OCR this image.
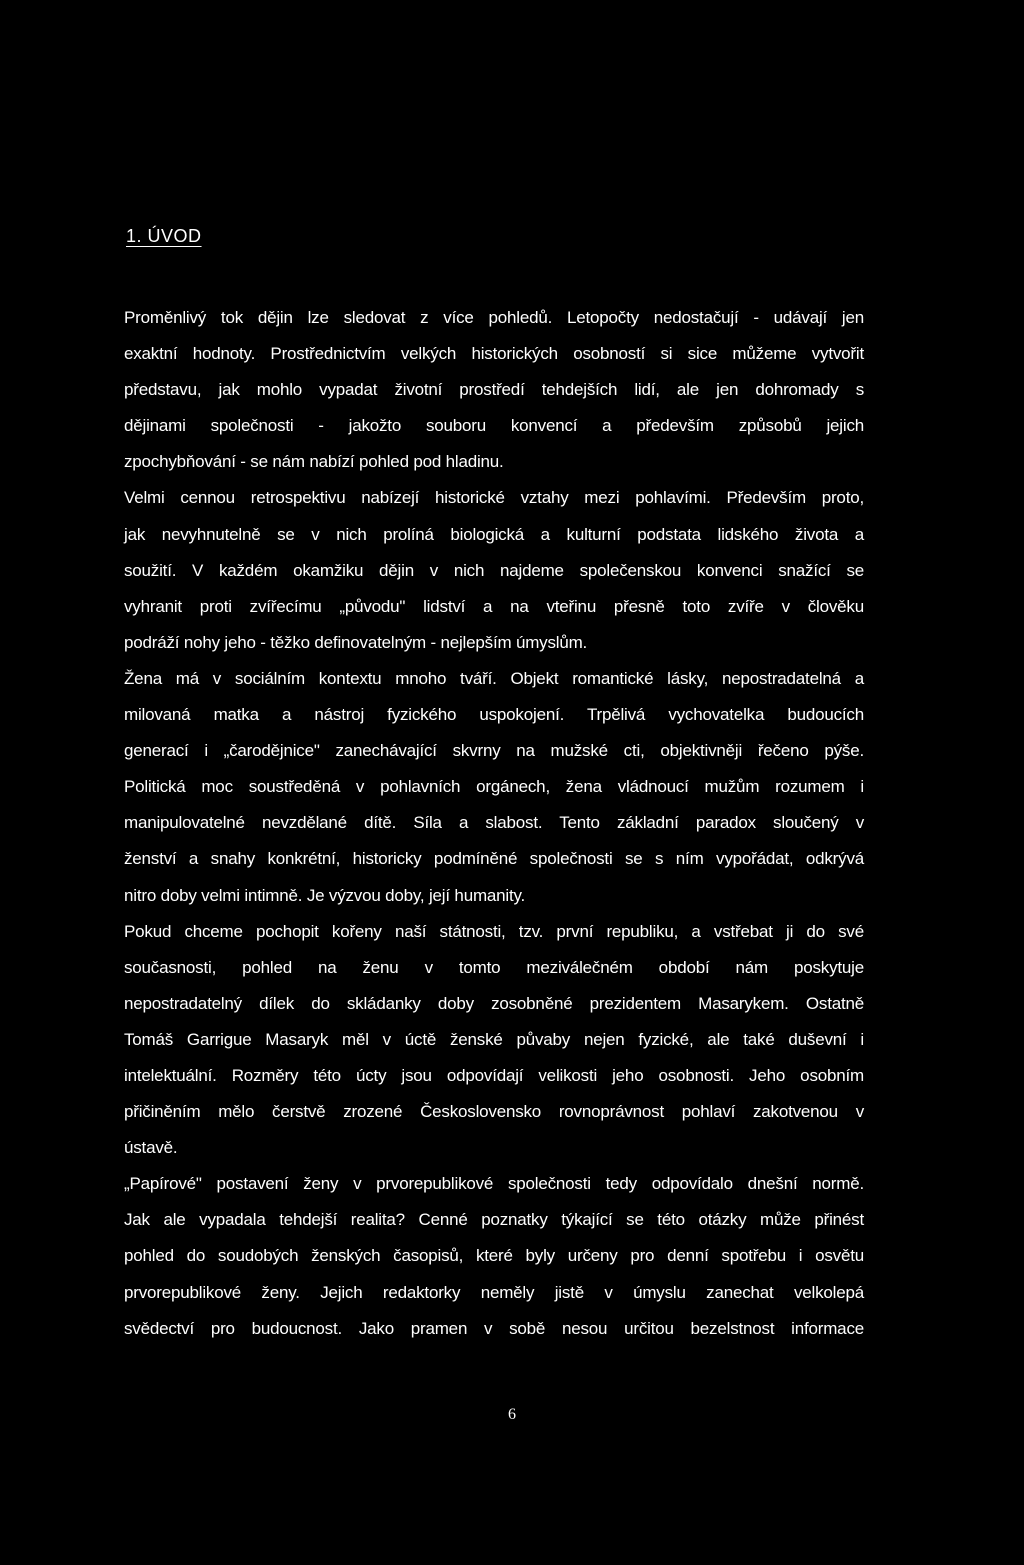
1. ÚVOD
Proměnlivý tok dějin lze sledovat z více pohledů. Letopočty nedostačují - udávají jen
exaktní hodnoty. Prostřednictvím velkých historických osobností si sice můžeme vytvořit
představu, jak mohlo vypadat životní prostředí tehdejších lidí, ale jen dohromady s
dějinami společnosti - jakožto souboru konvencí a především způsobů jejich
zpochybňování - se nám nabízí pohled pod hladinu.
Velmi cennou retrospektivu nabízejí historické vztahy mezi pohlavími. Především proto,
jak nevyhnutelně se v nich prolíná biologická a kulturní podstata lidského života a
soužití. V každém okamžiku dějin v nich najdeme společenskou konvenci snažící se
vyhranit proti zvířecímu „původu" lidství a na vteřinu přesně toto zvíře v člověku
podráží nohy jeho - těžko definovatelným - nejlepším úmyslům.
Žena má v sociálním kontextu mnoho tváří. Objekt romantické lásky, nepostradatelná a
milovaná matka a nástroj fyzického uspokojení. Trpělivá vychovatelka budoucích
generací i „čarodějnice" zanechávající skvrny na mužské cti, objektivněji řečeno pýše.
Politická moc soustředěná v pohlavních orgánech, žena vládnoucí mužům rozumem i
manipulovatelné nevzdělané dítě. Síla a slabost. Tento základní paradox sloučený v
ženství a snahy konkrétní, historicky podmíněné společnosti se s ním vypořádat, odkrývá
nitro doby velmi intimně. Je výzvou doby, její humanity.
Pokud chceme pochopit kořeny naší státnosti, tzv. první republiku, a vstřebat ji do své
současnosti, pohled na ženu v tomto meziválečném období nám poskytuje
nepostradatelný dílek do skládanky doby zosobněné prezidentem Masarykem. Ostatně
Tomáš Garrigue Masaryk měl v úctě ženské půvaby nejen fyzické, ale také duševní i
intelektuální. Rozměry této úcty jsou odpovídají velikosti jeho osobnosti. Jeho osobním
přičiněním mělo čerstvě zrozené Československo rovnoprávnost pohlaví zakotvenou v
ústavě.
„Papírové" postavení ženy v prvorepublikové společnosti tedy odpovídalo dnešní normě.
Jak ale vypadala tehdejší realita? Cenné poznatky týkající se této otázky může přinést
pohled do soudobých ženských časopisů, které byly určeny pro denní spotřebu i osvětu
prvorepublikové ženy. Jejich redaktorky neměly jistě v úmyslu zanechat velkolepá
svědectví pro budoucnost. Jako pramen v sobě nesou určitou bezelstnost informace
6
